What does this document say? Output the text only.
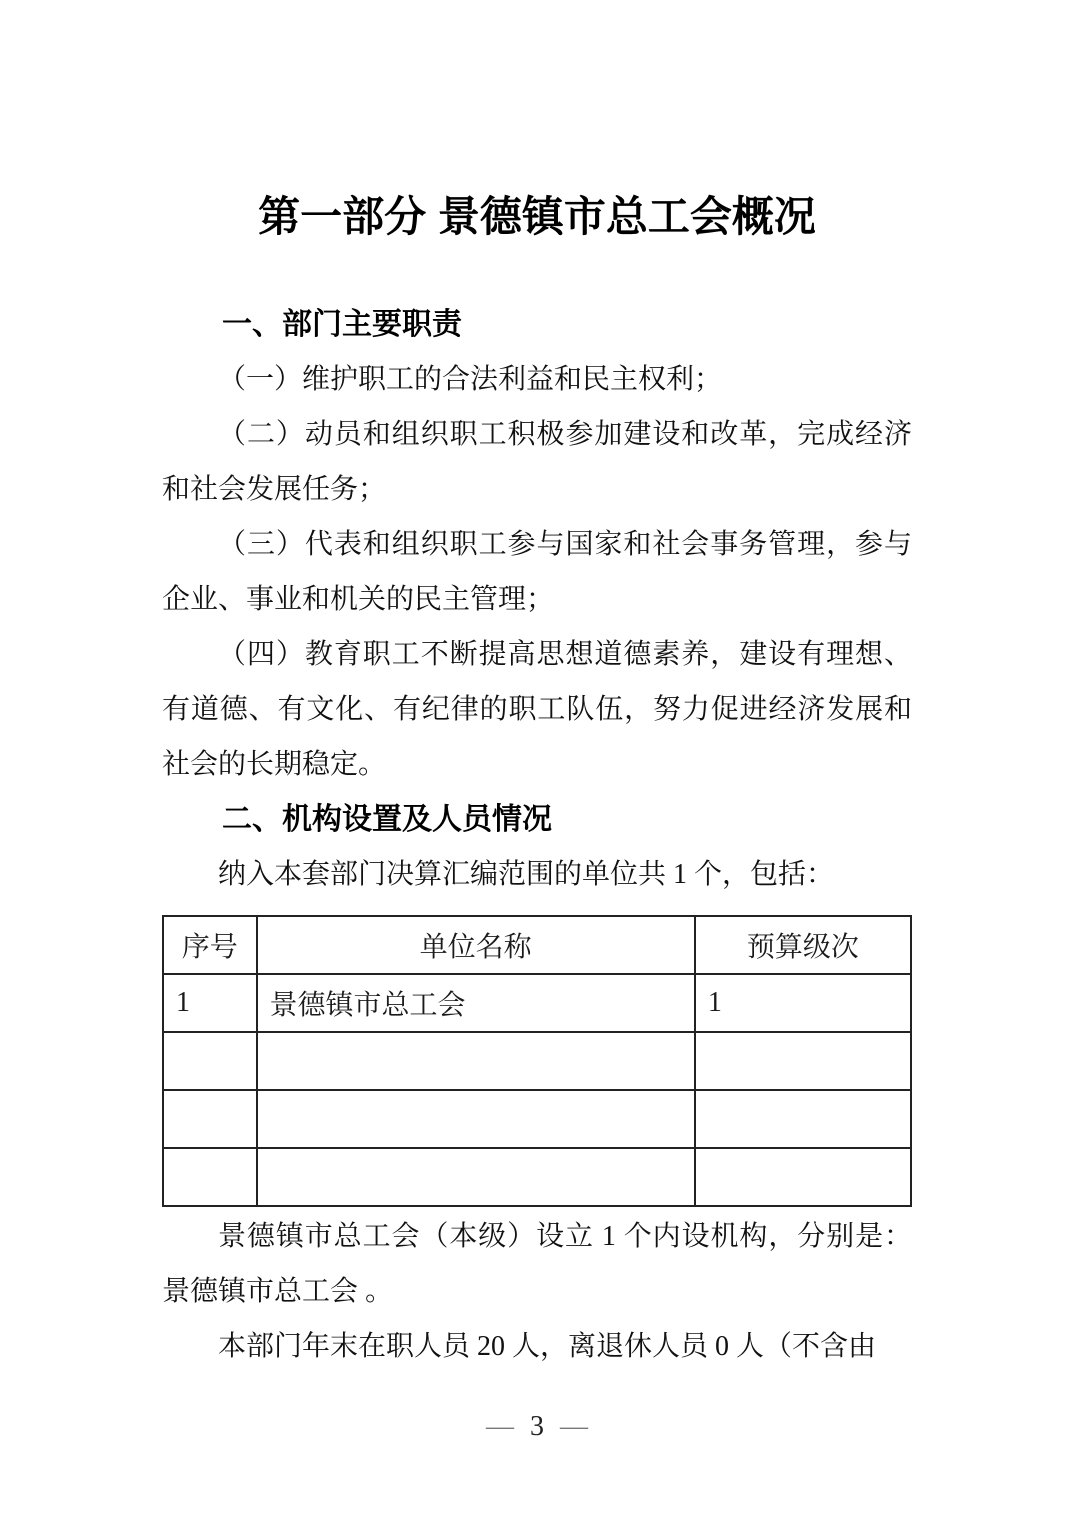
第一部分 景德镇市总工会概况
一、部门主要职责

（一）维护职工的合法利益和民主权利；

（二）动员和组织职工积极参加建设和改革，完成经济和社会发展任务；

（三）代表和组织职工参与国家和社会事务管理，参与企业、事业和机关的民主管理；

（四）教育职工不断提高思想道德素养，建设有理想、有道德、有文化、有纪律的职工队伍，努力促进经济发展和社会的长期稳定。

二、机构设置及人员情况

纳入本套部门决算汇编范围的单位共 1 个，包括：

序号	单位名称	预算级次
1	景德镇市总工会	1

景德镇市总工会（本级）设立 1 个内设机构，分别是：景德镇市总工会 。

本部门年末在职人员 20 人，离退休人员 0 人（不含由

— 3 —
